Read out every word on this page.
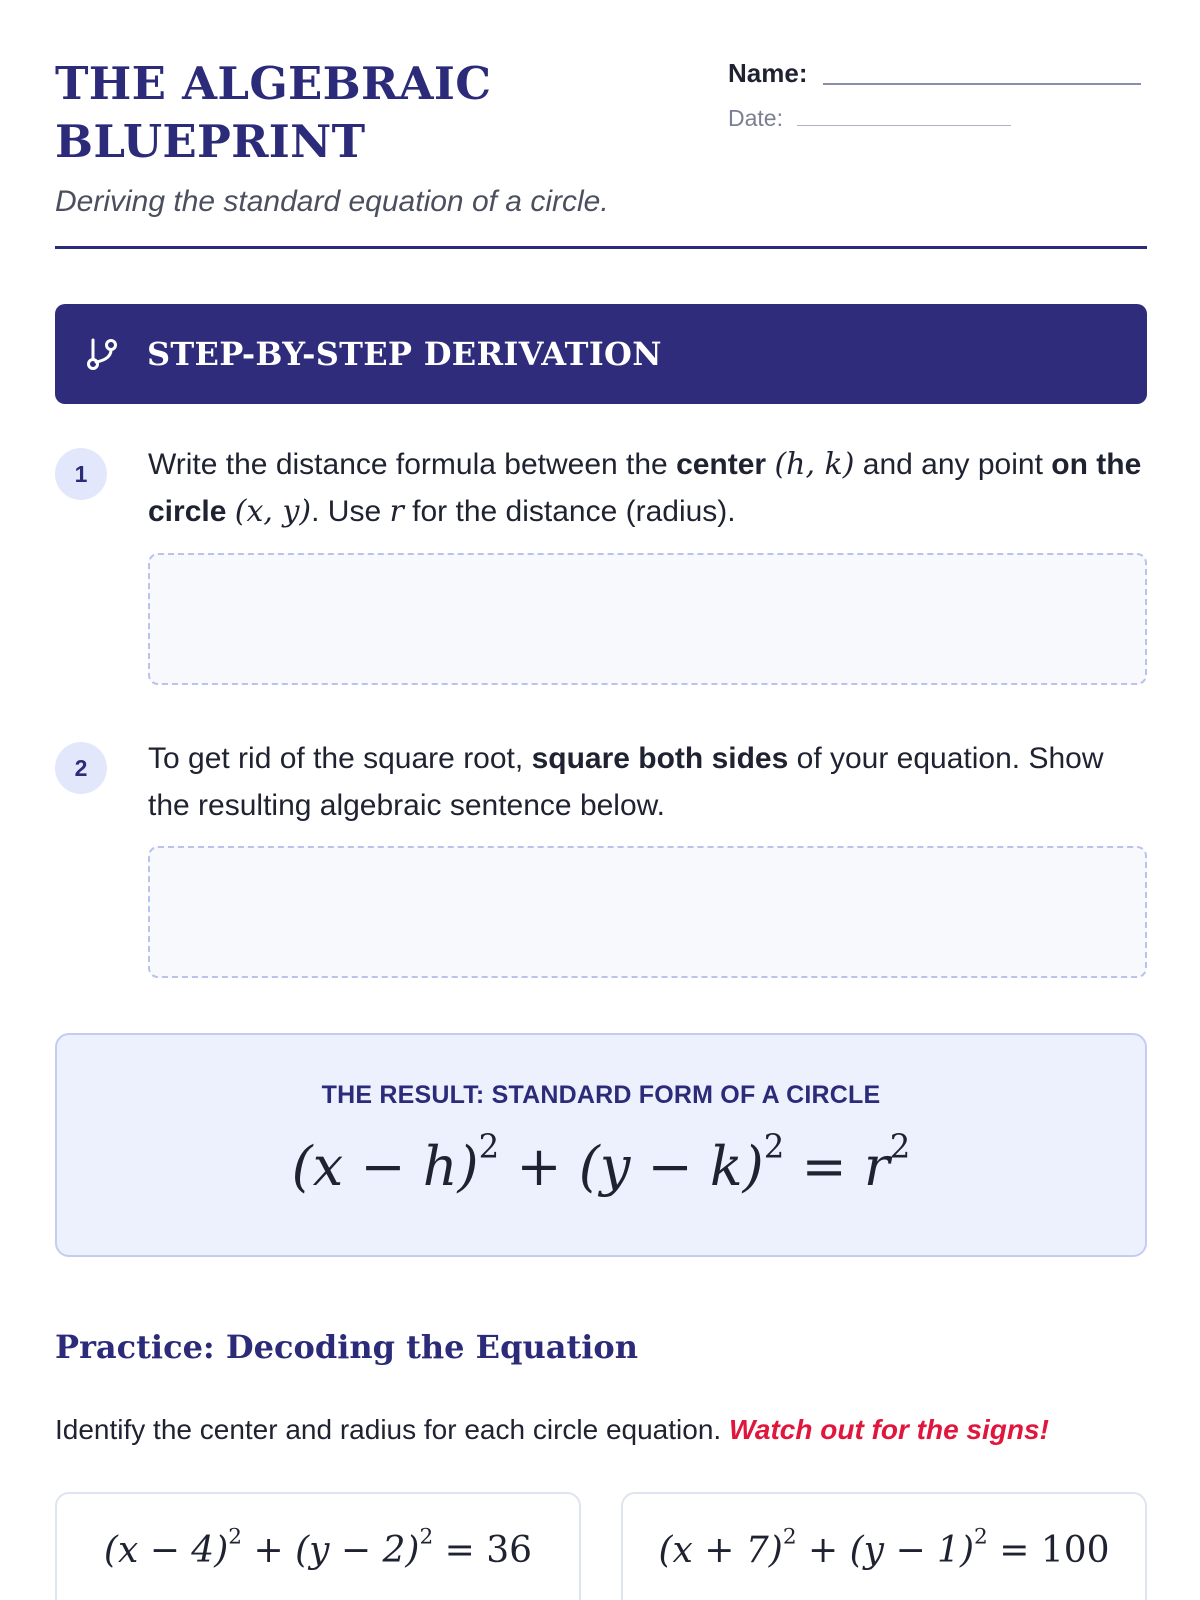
THE ALGEBRAIC
BLUEPRINT
Deriving the standard equation of a circle.
Name:
Date:
STEP-BY-STEP DERIVATION
1	Write the distance formula between the center (h, k) and any point on the circle (x, y). Use r for the distance (radius).
2	To get rid of the square root, square both sides of your equation. Show the resulting algebraic sentence below.
THE RESULT: STANDARD FORM OF A CIRCLE
$(x - h)^2 + (y - k)^2 = r^2$
Practice: Decoding the Equation
Identify the center and radius for each circle equation. Watch out for the signs!
$(x - 4)^2 + (y - 2)^2 = 36$	$(x + 7)^2 + (y - 1)^2 = 100$
